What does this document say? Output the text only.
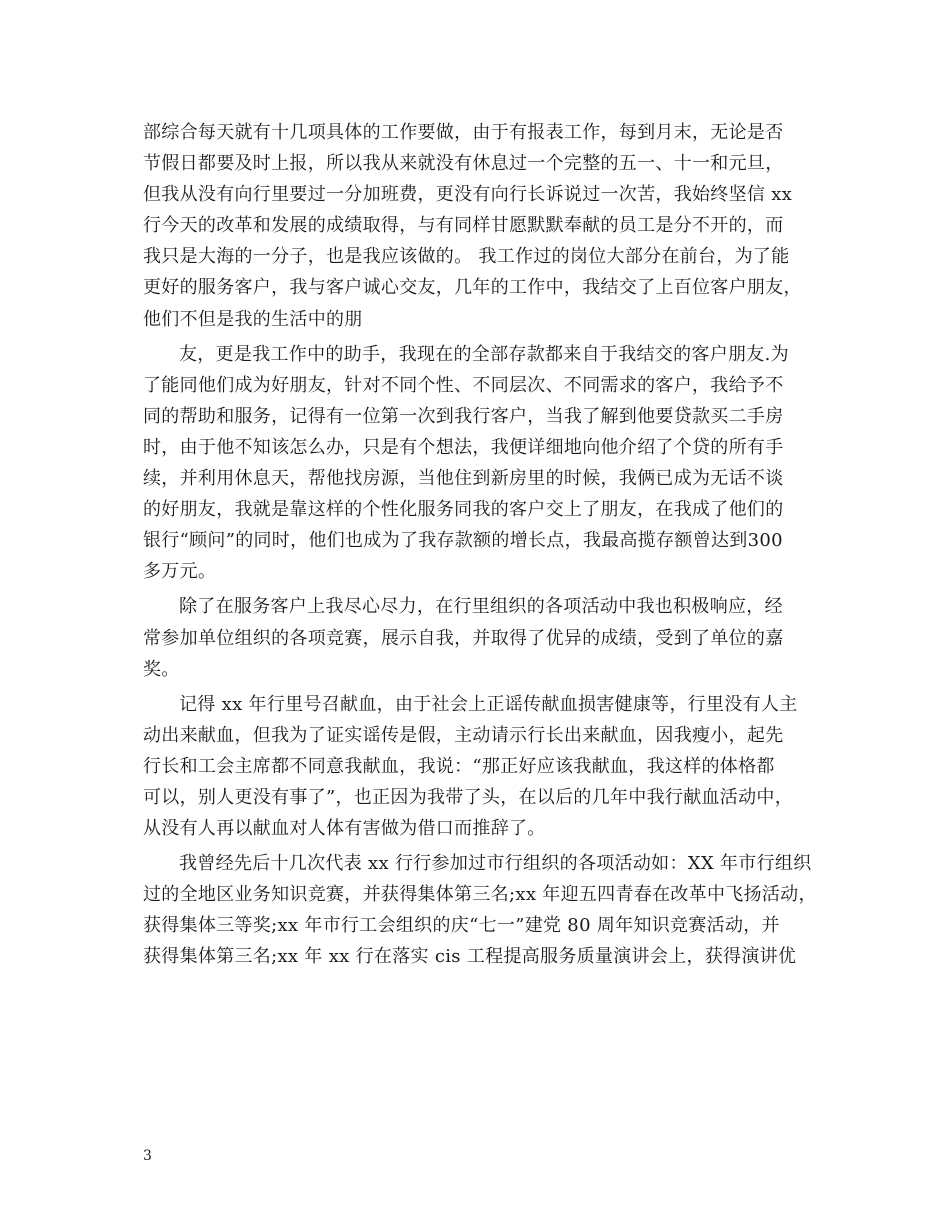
部综合每天就有十几项具体的工作要做，由于有报表工作，每到月末，无论是否
节假日都要及时上报，所以我从来就没有休息过一个完整的五一、十一和元旦，
但我从没有向行里要过一分加班费，更没有向行长诉说过一次苦，我始终坚信 xx
行今天的改革和发展的成绩取得，与有同样甘愿默默奉献的员工是分不开的，而
我只是大海的一分子，也是我应该做的。 我工作过的岗位大部分在前台，为了能
更好的服务客户，我与客户诚心交友，几年的工作中，我结交了上百位客户朋友，
他们不但是我的生活中的朋

友，更是我工作中的助手，我现在的全部存款都来自于我结交的客户朋友.为
了能同他们成为好朋友，针对不同个性、不同层次、不同需求的客户，我给予不
同的帮助和服务，记得有一位第一次到我行客户，当我了解到他要贷款买二手房
时，由于他不知该怎么办，只是有个想法，我便详细地向他介绍了个贷的所有手
续，并利用休息天，帮他找房源，当他住到新房里的时候，我俩已成为无话不谈
的好朋友，我就是靠这样的个性化服务同我的客户交上了朋友，在我成了他们的
银行“顾问”的同时，他们也成为了我存款额的增长点，我最高揽存额曾达到300
多万元。

除了在服务客户上我尽心尽力，在行里组织的各项活动中我也积极响应，经
常参加单位组织的各项竞赛，展示自我，并取得了优异的成绩，受到了单位的嘉
奖。

记得 xx 年行里号召献血，由于社会上正谣传献血损害健康等，行里没有人主
动出来献血，但我为了证实谣传是假，主动请示行长出来献血，因我瘦小，起先
行长和工会主席都不同意我献血，我说：“那正好应该我献血，我这样的体格都
可以，别人更没有事了”，也正因为我带了头，在以后的几年中我行献血活动中，
从没有人再以献血对人体有害做为借口而推辞了。

我曾经先后十几次代表 xx 行行参加过市行组织的各项活动如：XX 年市行组织
过的全地区业务知识竞赛，并获得集体第三名;xx 年迎五四青春在改革中飞扬活动，
获得集体三等奖;xx 年市行工会组织的庆“七一”建党 80 周年知识竞赛活动，并
获得集体第三名;xx 年 xx 行在落实 cis 工程提高服务质量演讲会上，获得演讲优

3
